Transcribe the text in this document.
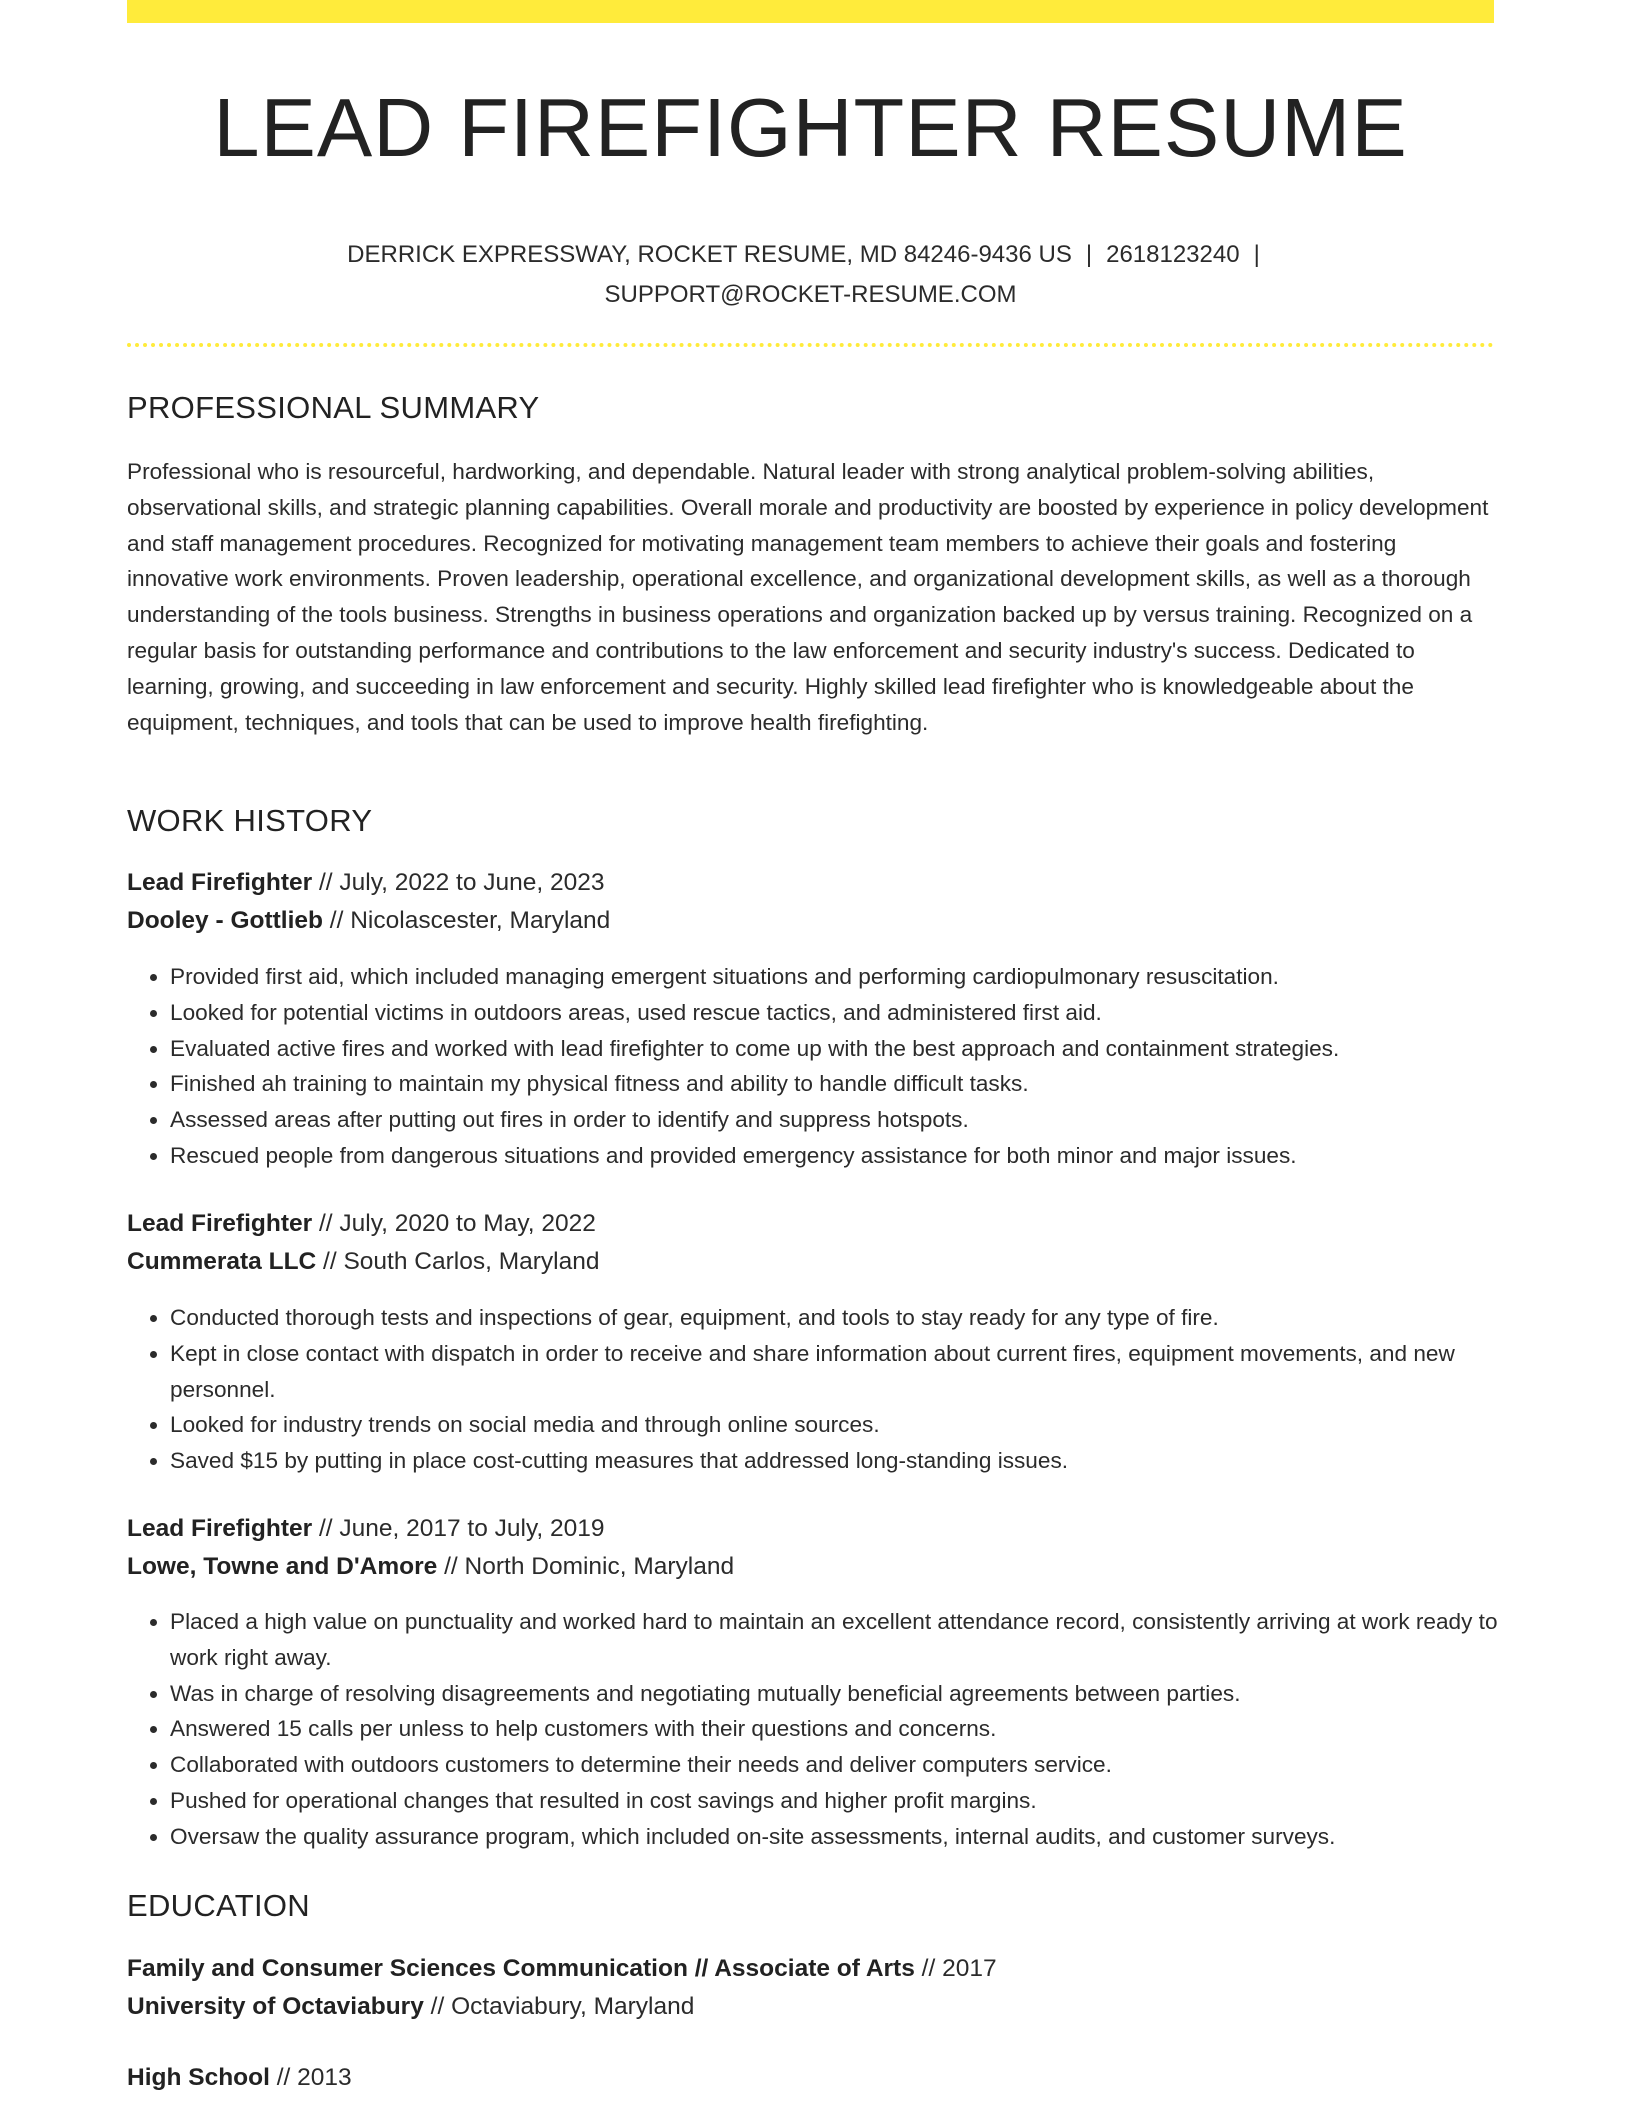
LEAD FIREFIGHTER RESUME
DERRICK EXPRESSWAY, ROCKET RESUME, MD 84246-9436 US | 2618123240 |
SUPPORT@ROCKET-RESUME.COM
PROFESSIONAL SUMMARY

Professional who is resourceful, hardworking, and dependable. Natural leader with strong analytical problem-solving abilities, observational skills, and strategic planning capabilities. Overall morale and productivity are boosted by experience in policy development and staff management procedures. Recognized for motivating management team members to achieve their goals and fostering innovative work environments. Proven leadership, operational excellence, and organizational development skills, as well as a thorough understanding of the tools business. Strengths in business operations and organization backed up by versus training. Recognized on a regular basis for outstanding performance and contributions to the law enforcement and security industry's success. Dedicated to learning, growing, and succeeding in law enforcement and security. Highly skilled lead firefighter who is knowledgeable about the equipment, techniques, and tools that can be used to improve health firefighting.

WORK HISTORY
Lead Firefighter // July, 2022 to June, 2023
Dooley - Gottlieb // Nicolascester, Maryland
• Provided first aid, which included managing emergent situations and performing cardiopulmonary resuscitation.
• Looked for potential victims in outdoors areas, used rescue tactics, and administered first aid.
• Evaluated active fires and worked with lead firefighter to come up with the best approach and containment strategies.
• Finished ah training to maintain my physical fitness and ability to handle difficult tasks.
• Assessed areas after putting out fires in order to identify and suppress hotspots.
• Rescued people from dangerous situations and provided emergency assistance for both minor and major issues.
Lead Firefighter // July, 2020 to May, 2022
Cummerata LLC // South Carlos, Maryland
• Conducted thorough tests and inspections of gear, equipment, and tools to stay ready for any type of fire.
• Kept in close contact with dispatch in order to receive and share information about current fires, equipment movements, and new personnel.
• Looked for industry trends on social media and through online sources.
• Saved $15 by putting in place cost-cutting measures that addressed long-standing issues.
Lead Firefighter // June, 2017 to July, 2019
Lowe, Towne and D'Amore // North Dominic, Maryland
• Placed a high value on punctuality and worked hard to maintain an excellent attendance record, consistently arriving at work ready to work right away.
• Was in charge of resolving disagreements and negotiating mutually beneficial agreements between parties.
• Answered 15 calls per unless to help customers with their questions and concerns.
• Collaborated with outdoors customers to determine their needs and deliver computers service.
• Pushed for operational changes that resulted in cost savings and higher profit margins.
• Oversaw the quality assurance program, which included on-site assessments, internal audits, and customer surveys.
EDUCATION
Family and Consumer Sciences Communication // Associate of Arts // 2017
University of Octaviabury // Octaviabury, Maryland
High School // 2013
